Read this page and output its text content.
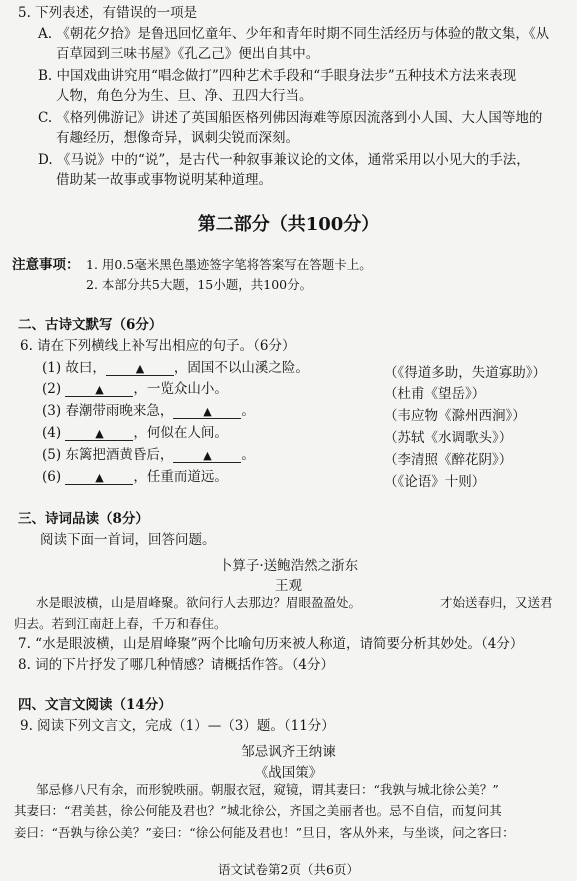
5. 下列表述，有错误的一项是
A. 《朝花夕拾》是鲁迅回忆童年、少年和青年时期不同生活经历与体验的散文集，《从
百草园到三味书屋》《孔乙己》便出自其中。
B. 中国戏曲讲究用“唱念做打”四种艺术手段和“手眼身法步”五种技术方法来表现
人物，角色分为生、旦、净、丑四大行当。
C. 《格列佛游记》讲述了英国船医格列佛因海难等原因流落到小人国、大人国等地的
有趣经历，想像奇异，讽刺尖锐而深刻。
D. 《马说》中的“说”，是古代一种叙事兼议论的文体，通常采用以小见大的手法，
借助某一故事或事物说明某种道理。
第二部分（共100分）
注意事项： 1. 用0.5毫米黑色墨迹签字笔将答案写在答题卡上。
2. 本部分共5大题，15小题，共100分。
二、古诗文默写（6分）
6. 请在下列横线上补写出相应的句子。（6分）
(1) 故曰，	▲ ，固国不以山溪之险。	（《得道多助，失道寡助》）
(2)	▲ ，一览众山小。	（杜甫《望岳》）
(3) 春潮带雨晚来急，	▲ 。	（韦应物《滁州西涧》）
(4)	▲ ，何似在人间。	（苏轼《水调歌头》）
(5) 东篱把酒黄昏后，	▲ 。	（李清照《醉花阴》）
(6)	▲ ，任重而道远。	（《论语》十则）
三、诗词品读（8分）
阅读下面一首词，回答问题。
卜算子·送鲍浩然之浙东
王观
水是眼波横，山是眉峰聚。欲问行人去那边？眉眼盈盈处。	才始送春归，又送君
归去。若到江南赶上春，千万和春住。
7. “水是眼波横，山是眉峰聚”两个比喻句历来被人称道，请简要分析其妙处。（4分）
8. 词的下片抒发了哪几种情感？请概括作答。（4分）
四、文言文阅读（14分）
9. 阅读下列文言文，完成（1）—（3）题。（11分）
邹忌讽齐王纳谏
《战国策》
邹忌修八尺有余，而形貌昳丽。朝服衣冠，窥镜，谓其妻曰：“我孰与城北徐公美？”
其妻曰：“君美甚，徐公何能及君也？”城北徐公，齐国之美丽者也。忌不自信，而复问其
妾曰：“吾孰与徐公美？”妾曰：“徐公何能及君也！”旦日，客从外来，与坐谈，问之客曰：
语文试卷第2页（共6页）
